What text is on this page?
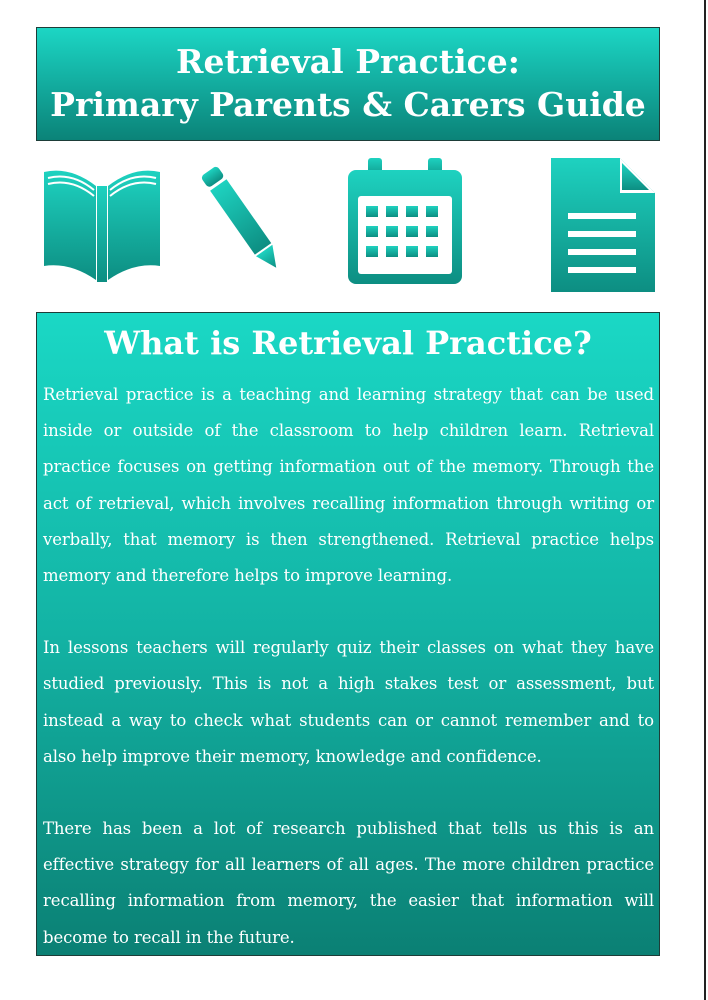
Retrieval Practice:
Primary Parents & Carers Guide
What is Retrieval Practice?

Retrieval practice is a teaching and learning strategy that can be used inside or outside of the classroom to help children learn. Retrieval practice focuses on getting information out of the memory. Through the act of retrieval, which involves recalling information through writing or verbally, that memory is then strengthened. Retrieval practice helps memory and therefore helps to improve learning.

In lessons teachers will regularly quiz their classes on what they have studied previously. This is not a high stakes test or assessment, but instead a way to check what students can or cannot remember and to also help improve their memory, knowledge and confidence.

There has been a lot of research published that tells us this is an effective strategy for all learners of all ages. The more children practice recalling information from memory, the easier that information will become to recall in the future.
